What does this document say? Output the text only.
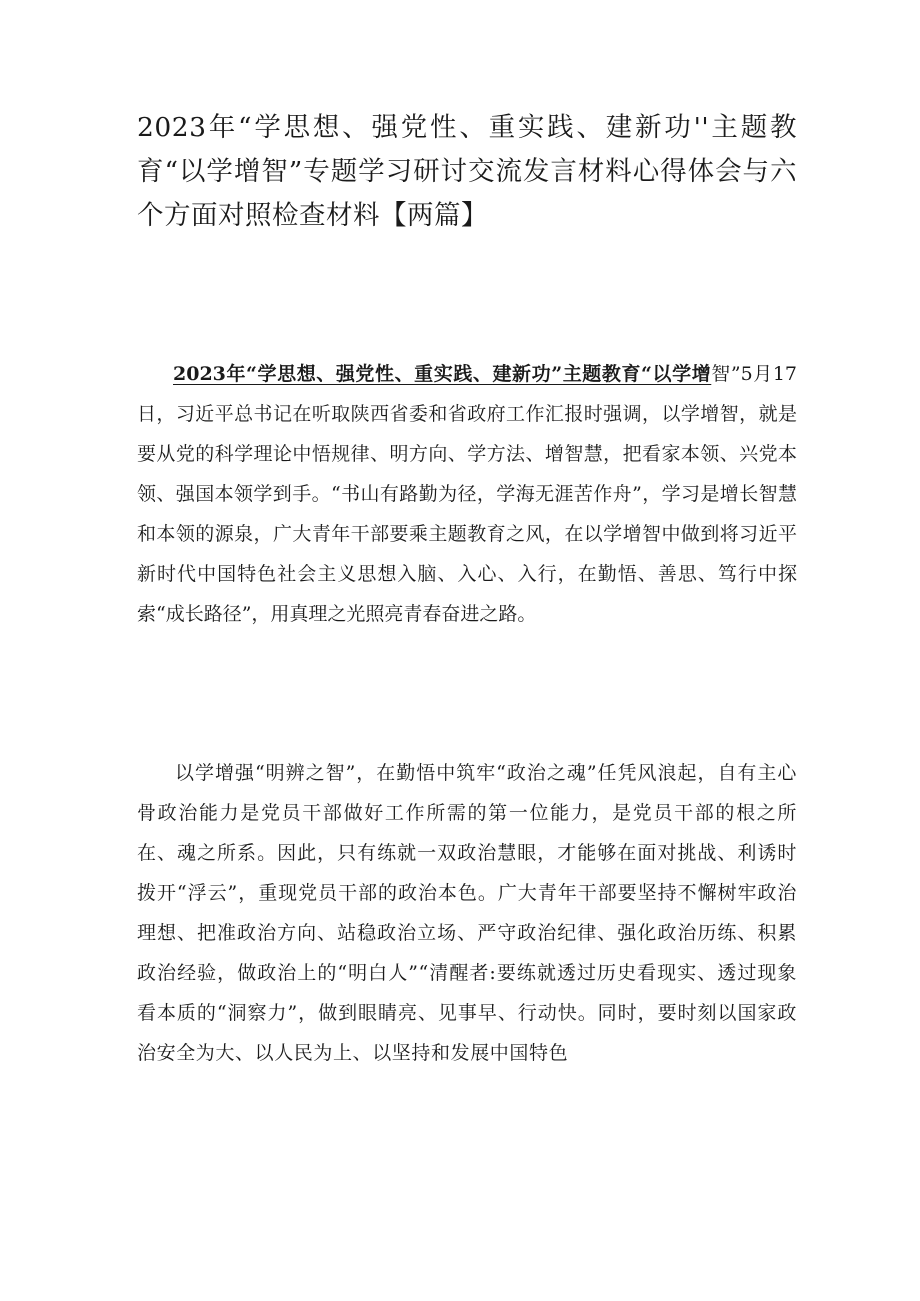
2023年“学思想、强党性、重实践、建新功''主题教育“以学增智”专题学习研讨交流发言材料心得体会与六个方面对照检查材料【两篇】

2023年“学思想、强党性、重实践、建新功”主题教育“以学增智”5月17日，习近平总书记在听取陕西省委和省政府工作汇报时强调，以学增智，就是要从党的科学理论中悟规律、明方向、学方法、增智慧，把看家本领、兴党本领、强国本领学到手。“书山有路勤为径，学海无涯苦作舟”，学习是增长智慧和本领的源泉，广大青年干部要乘主题教育之风，在以学增智中做到将习近平新时代中国特色社会主义思想入脑、入心、入行，在勤悟、善思、笃行中探索“成长路径”，用真理之光照亮青春奋进之路。

以学增强“明辨之智”，在勤悟中筑牢“政治之魂”任凭风浪起，自有主心骨政治能力是党员干部做好工作所需的第一位能力，是党员干部的根之所在、魂之所系。因此，只有练就一双政治慧眼，才能够在面对挑战、利诱时拨开“浮云”，重现党员干部的政治本色。广大青年干部要坚持不懈树牢政治理想、把准政治方向、站稳政治立场、严守政治纪律、强化政治历练、积累政治经验，做政治上的“明白人”“清醒者:要练就透过历史看现实、透过现象看本质的“洞察力”，做到眼睛亮、见事早、行动快。同时，要时刻以国家政治安全为大、以人民为上、以坚持和发展中国特色
